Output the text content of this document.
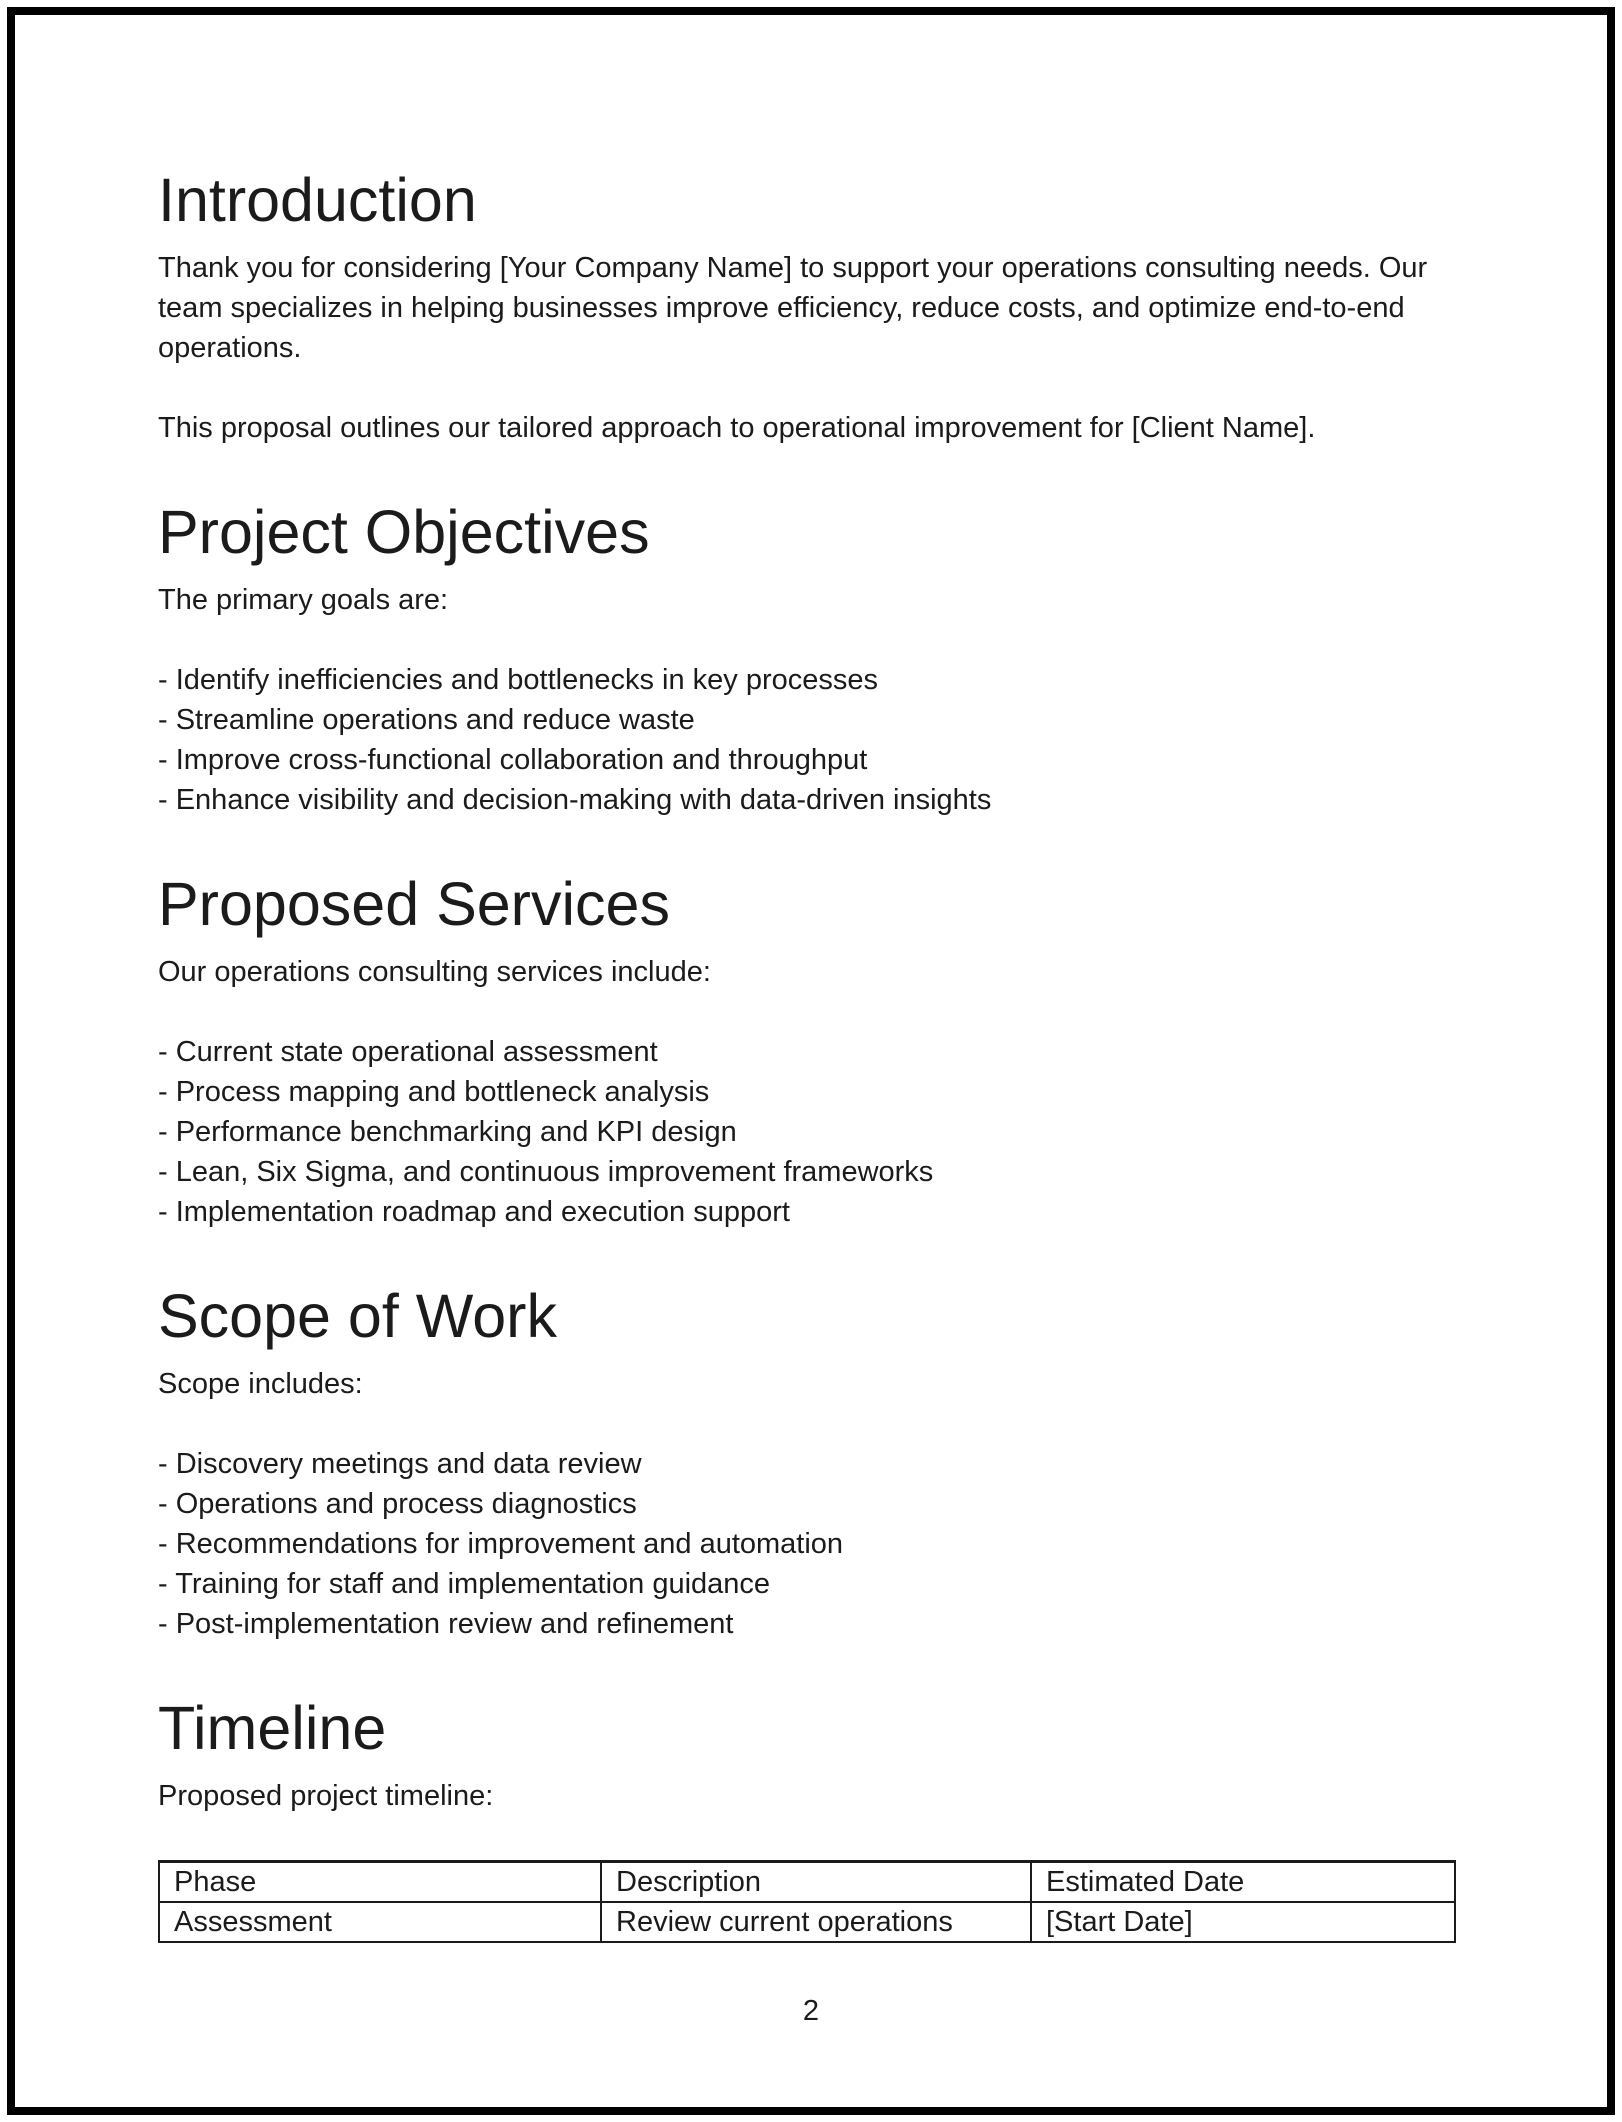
Introduction

Thank you for considering [Your Company Name] to support your operations consulting needs. Our team specializes in helping businesses improve efficiency, reduce costs, and optimize end-to-end operations.

This proposal outlines our tailored approach to operational improvement for [Client Name].

Project Objectives

The primary goals are:

- Identify inefficiencies and bottlenecks in key processes
- Streamline operations and reduce waste
- Improve cross-functional collaboration and throughput
- Enhance visibility and decision-making with data-driven insights
Proposed Services

Our operations consulting services include:

- Current state operational assessment
- Process mapping and bottleneck analysis
- Performance benchmarking and KPI design
- Lean, Six Sigma, and continuous improvement frameworks
- Implementation roadmap and execution support
Scope of Work

Scope includes:

- Discovery meetings and data review
- Operations and process diagnostics
- Recommendations for improvement and automation
- Training for staff and implementation guidance
- Post-implementation review and refinement
Timeline

Proposed project timeline:

Phase	Description	Estimated Date
Assessment	Review current operations	[Start Date]
2
